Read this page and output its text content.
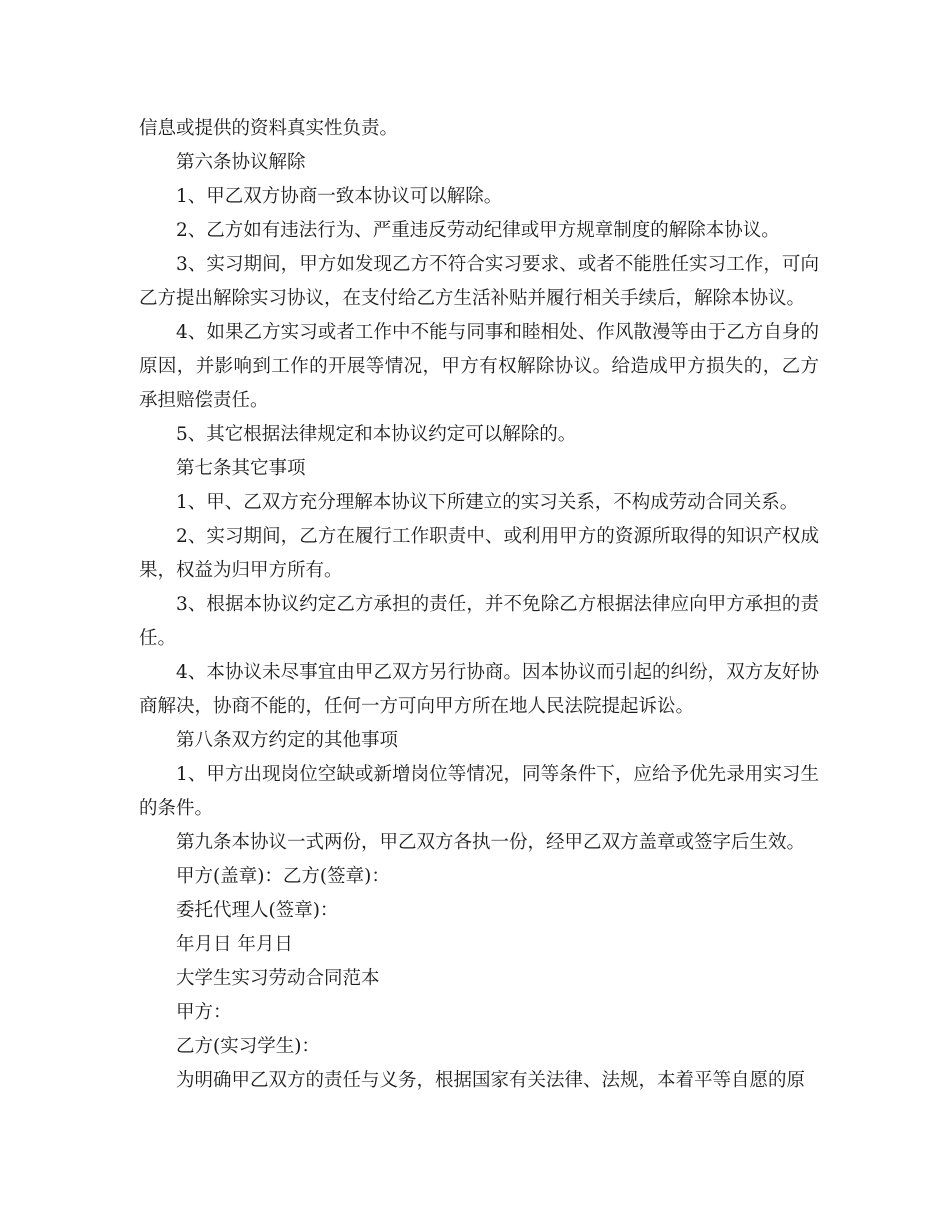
信息或提供的资料真实性负责。

第六条协议解除

1、甲乙双方协商一致本协议可以解除。

2、乙方如有违法行为、严重违反劳动纪律或甲方规章制度的解除本协议。

3、实习期间，甲方如发现乙方不符合实习要求、或者不能胜任实习工作，可向乙方提出解除实习协议，在支付给乙方生活补贴并履行相关手续后，解除本协议。

4、如果乙方实习或者工作中不能与同事和睦相处、作风散漫等由于乙方自身的原因，并影响到工作的开展等情况，甲方有权解除协议。给造成甲方损失的，乙方承担赔偿责任。

5、其它根据法律规定和本协议约定可以解除的。

第七条其它事项

1、甲、乙双方充分理解本协议下所建立的实习关系，不构成劳动合同关系。

2、实习期间，乙方在履行工作职责中、或利用甲方的资源所取得的知识产权成果，权益为归甲方所有。

3、根据本协议约定乙方承担的责任，并不免除乙方根据法律应向甲方承担的责任。

4、本协议未尽事宜由甲乙双方另行协商。因本协议而引起的纠纷，双方友好协商解决，协商不能的，任何一方可向甲方所在地人民法院提起诉讼。

第八条双方约定的其他事项

1、甲方出现岗位空缺或新增岗位等情况，同等条件下，应给予优先录用实习生的条件。

第九条本协议一式两份，甲乙双方各执一份，经甲乙双方盖章或签字后生效。

甲方(盖章)：乙方(签章)：

委托代理人(签章)：

年月日 年月日

大学生实习劳动合同范本

甲方：

乙方(实习学生)：

为明确甲乙双方的责任与义务，根据国家有关法律、法规，本着平等自愿的原
